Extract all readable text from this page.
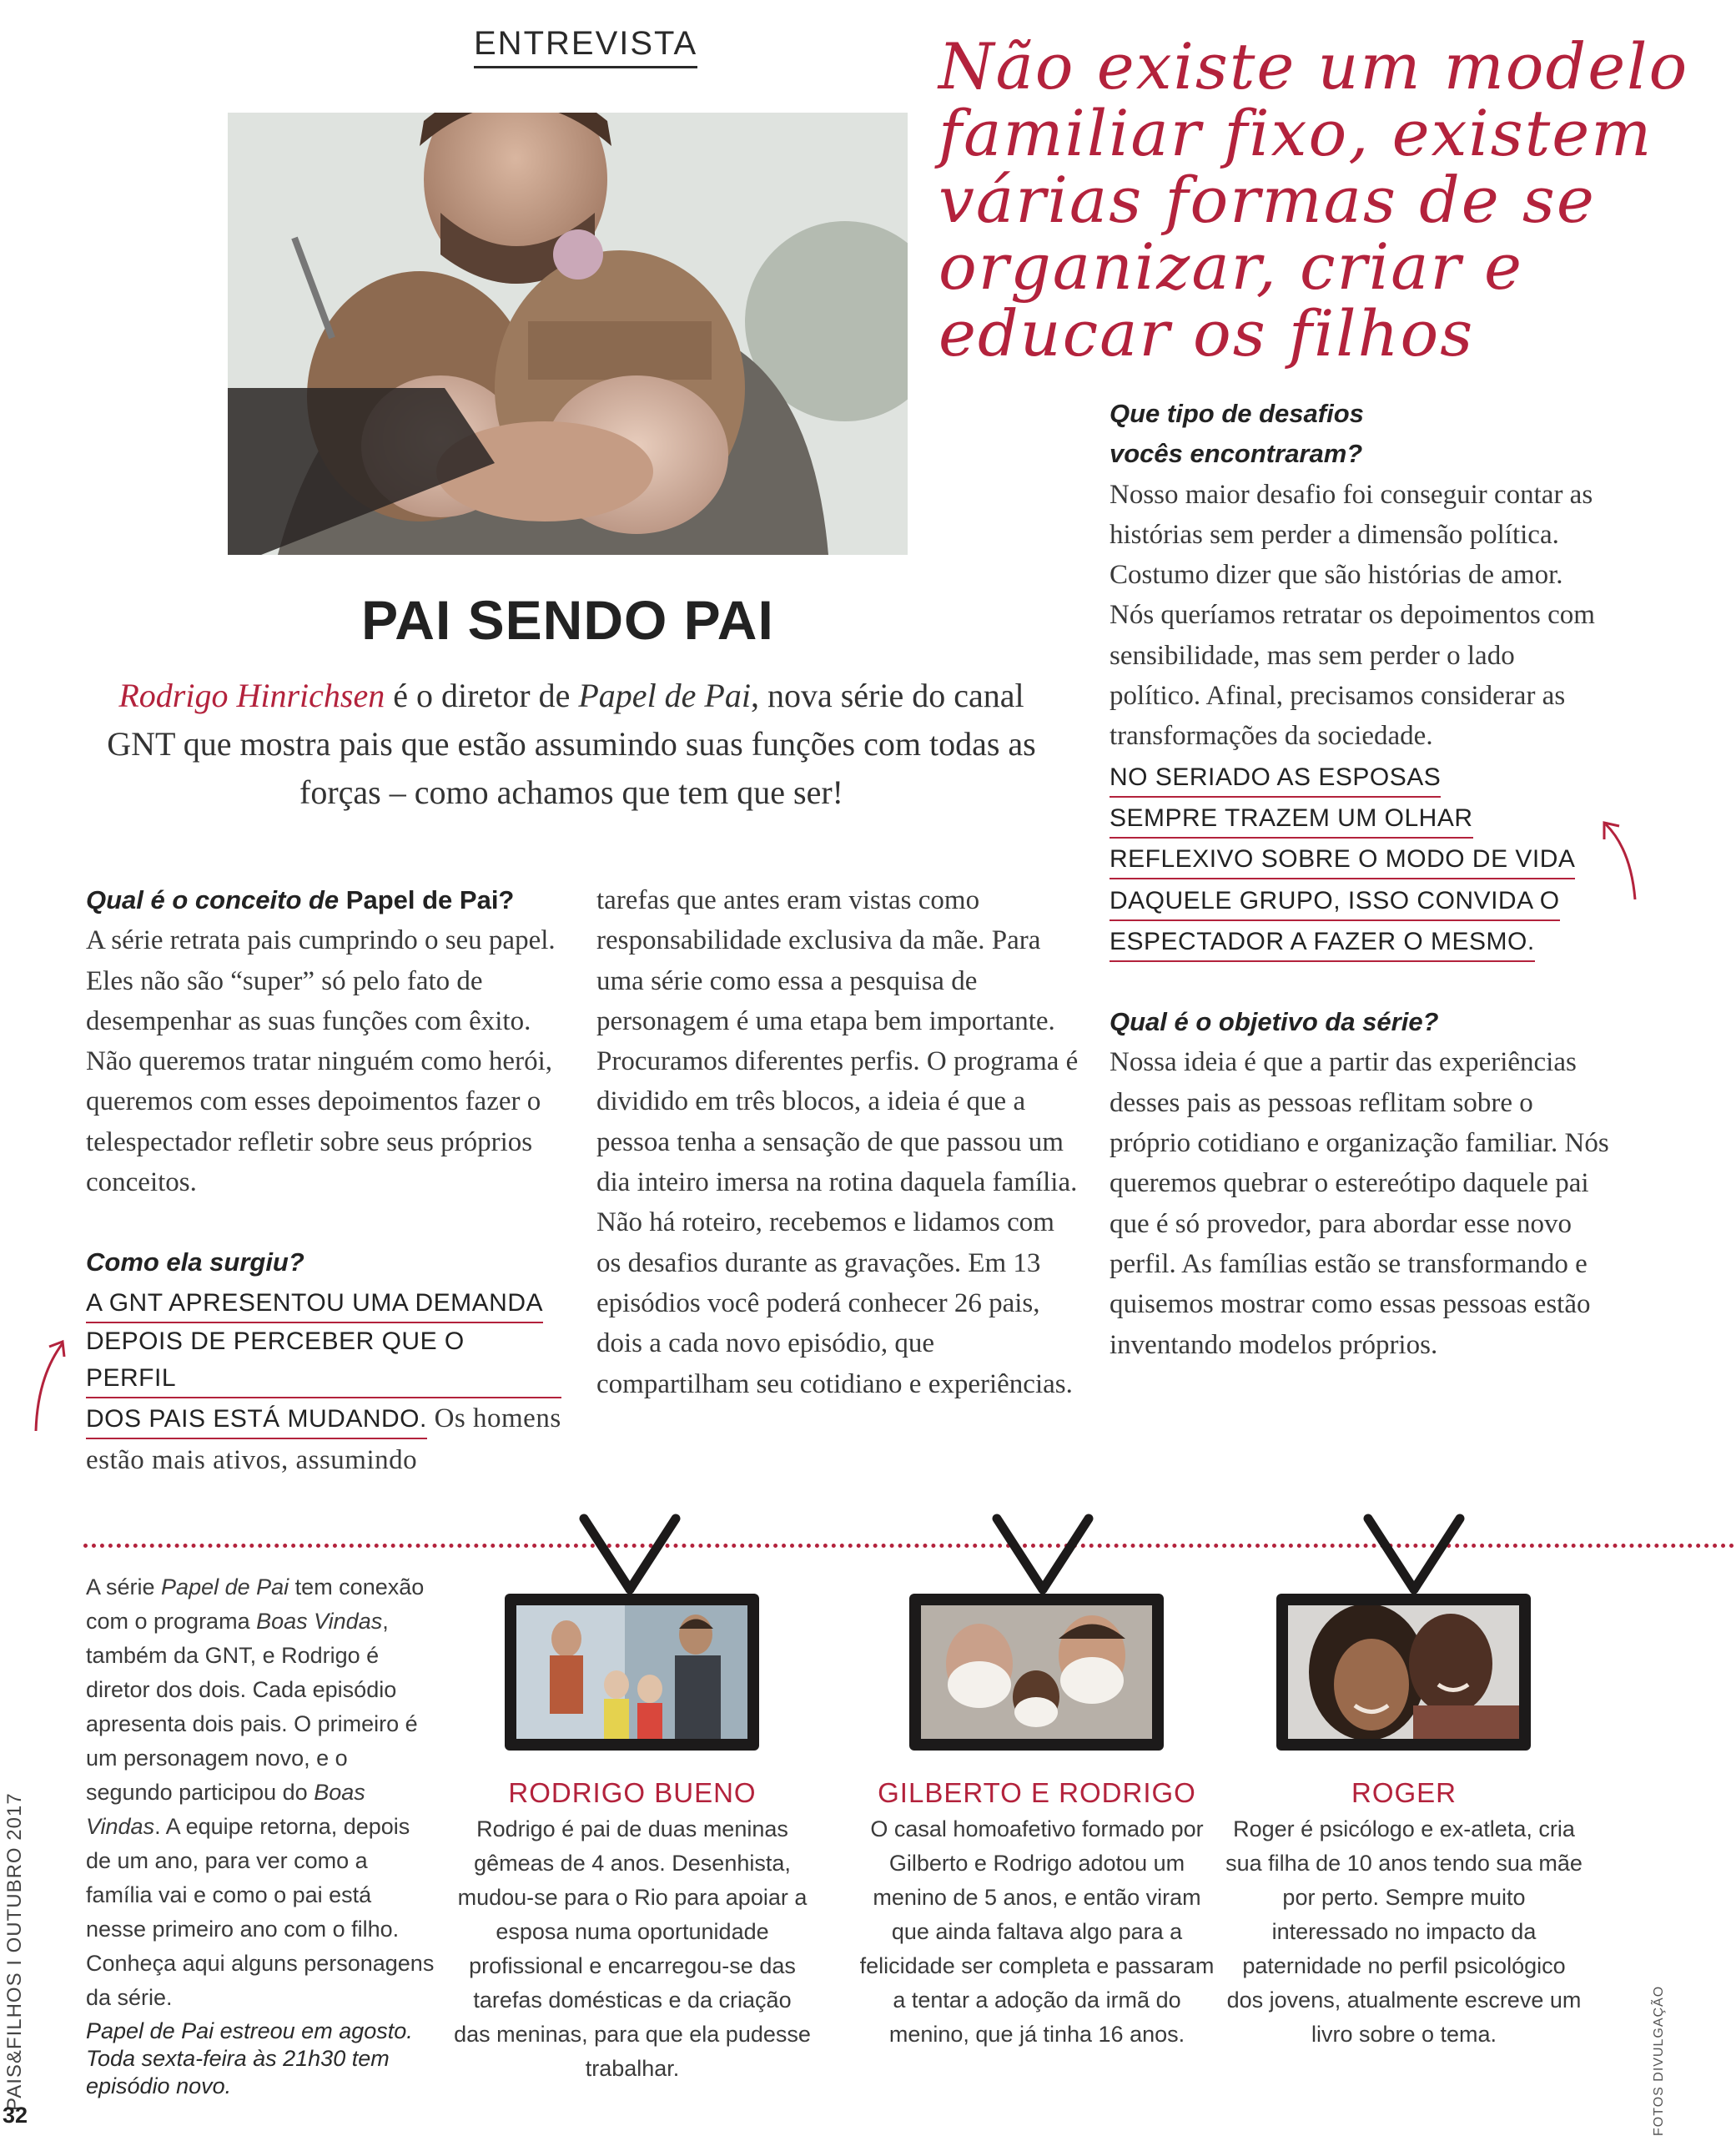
ENTREVISTA	Não existe um modelo familiar fixo, existem várias formas de se organizar, criar e educar os filhos
PAI SENDO PAI
Rodrigo Hinrichsen é o diretor de Papel de Pai, nova série do canal GNT que mostra pais que estão assumindo suas funções com todas as forças – como achamos que tem que ser!
Qual é o conceito de Papel de Pai?

A série retrata pais cumprindo o seu papel. Eles não são “super” só pelo fato de desempenhar as suas funções com êxito. Não queremos tratar ninguém como herói, queremos com esses depoimentos fazer o telespectador refletir sobre seus próprios conceitos.

Como ela surgiu?
A GNT APRESENTOU UMA DEMANDA
DEPOIS DE PERCEBER QUE O PERFIL
DOS PAIS ESTÁ MUDANDO. Os homens estão mais ativos, assumindo

tarefas que antes eram vistas como responsabilidade exclusiva da mãe. Para uma série como essa a pesquisa de personagem é uma etapa bem importante. Procuramos diferentes perfis. O programa é dividido em três blocos, a ideia é que a pessoa tenha a sensação de que passou um dia inteiro imersa na rotina daquela família. Não há roteiro, recebemos e lidamos com os desafios durante as gravações. Em 13 episódios você poderá conhecer 26 pais, dois a cada novo episódio, que compartilham seu cotidiano e experiências.

Que tipo de desafios vocês encontraram?
Nosso maior desafio foi conseguir contar as histórias sem perder a dimensão política. Costumo dizer que são histórias de amor. Nós queríamos retratar os depoimentos com sensibilidade, mas sem perder o lado político. Afinal, precisamos considerar as transformações da sociedade. NO SERIADO AS ESPOSAS
SEMPRE TRAZEM UM OLHAR
REFLEXIVO SOBRE O MODO DE VIDA
DAQUELE GRUPO, ISSO CONVIDA O
ESPECTADOR A FAZER O MESMO.
Qual é o objetivo da série?

Nossa ideia é que a partir das experiências desses pais as pessoas reflitam sobre o próprio cotidiano e organização familiar. Nós queremos quebrar o estereótipo daquele pai que é só provedor, para abordar esse novo perfil. As famílias estão se transformando e quisemos mostrar como essas pessoas estão inventando modelos próprios.

A série Papel de Pai tem conexão com o programa Boas Vindas, também da GNT, e Rodrigo é diretor dos dois. Cada episódio apresenta dois pais. O primeiro é um personagem novo, e o segundo participou do Boas Vindas. A equipe retorna, depois de um ano, para ver como a família vai e como o pai está nesse primeiro ano com o filho. Conheça aqui alguns personagens da série.
Papel de Pai estreou em agosto. Toda sexta-feira às 21h30 tem episódio novo.
RODRIGO BUENO
Rodrigo é pai de duas meninas gêmeas de 4 anos. Desenhista, mudou-se para o Rio para apoiar a esposa numa oportunidade profissional e encarregou-se das tarefas domésticas e da criação das meninas, para que ela pudesse trabalhar.
GILBERTO E RODRIGO
O casal homoafetivo formado por Gilberto e Rodrigo adotou um menino de 5 anos, e então viram que ainda faltava algo para a felicidade ser completa e passaram a tentar a adoção da irmã do menino, que já tinha 16 anos.
ROGER
Roger é psicólogo e ex-atleta, cria sua filha de 10 anos tendo sua mãe por perto. Sempre muito interessado no impacto da paternidade no perfil psicológico dos jovens, atualmente escreve um livro sobre o tema.
PAIS&FILHOS I OUTUBRO 2017
32	FOTOS DIVULGAÇÃO
